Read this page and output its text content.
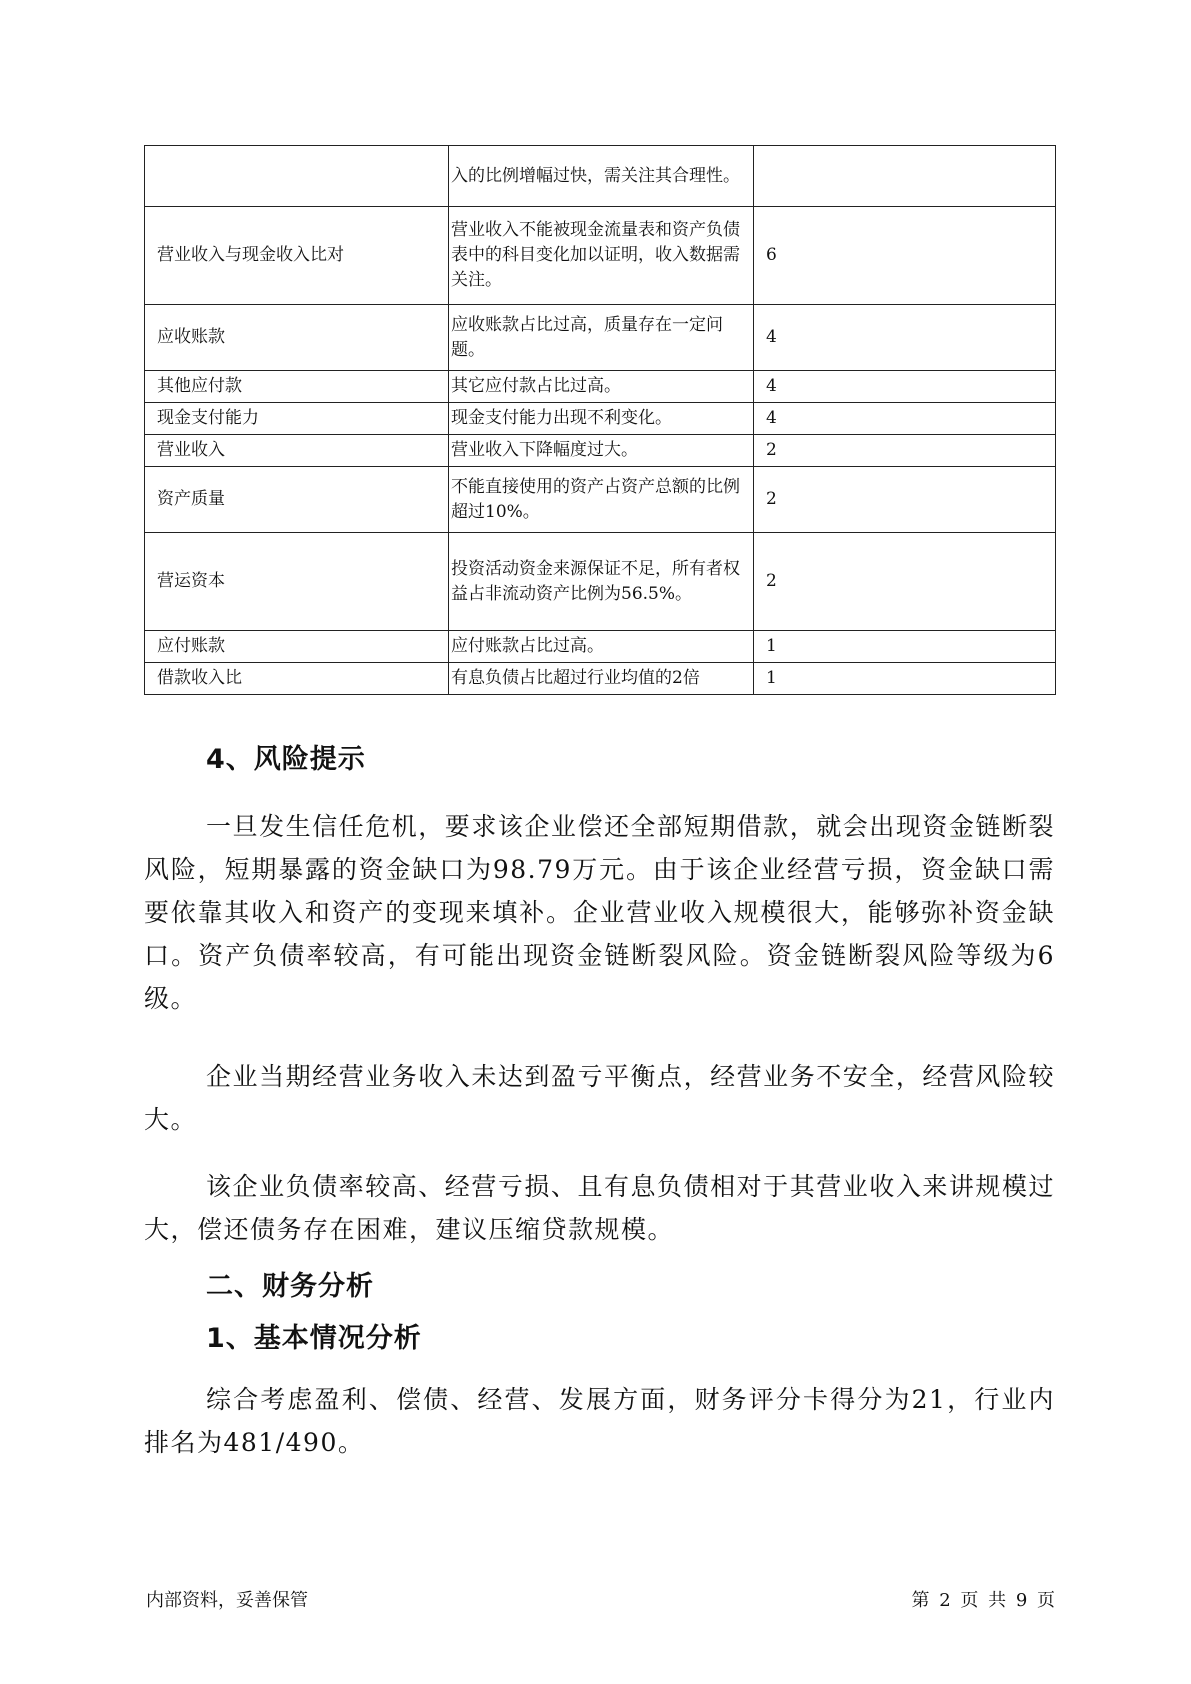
	入的比例增幅过快，需关注其合理性。	
营业收入与现金收入比对	营业收入不能被现金流量表和资产负债表中的科目变化加以证明，收入数据需关注。	6
应收账款	应收账款占比过高，质量存在一定问题。	4
其他应付款	其它应付款占比过高。	4
现金支付能力	现金支付能力出现不利变化。	4
营业收入	营业收入下降幅度过大。	2
资产质量	不能直接使用的资产占资产总额的比例超过10%。	2
营运资本	投资活动资金来源保证不足，所有者权益占非流动资产比例为56.5%。	2
应付账款	应付账款占比过高。	1
借款收入比	有息负债占比超过行业均值的2倍	1
4、风险提示

一旦发生信任危机，要求该企业偿还全部短期借款，就会出现资金链断裂风险，短期暴露的资金缺口为98.79万元。由于该企业经营亏损，资金缺口需要依靠其收入和资产的变现来填补。企业营业收入规模很大，能够弥补资金缺口。资产负债率较高，有可能出现资金链断裂风险。资金链断裂风险等级为6级。

企业当期经营业务收入未达到盈亏平衡点，经营业务不安全，经营风险较大。

该企业负债率较高、经营亏损、且有息负债相对于其营业收入来讲规模过大，偿还债务存在困难，建议压缩贷款规模。

二、财务分析
1、基本情况分析

综合考虑盈利、偿债、经营、发展方面，财务评分卡得分为21，行业内排名为481/490。

内部资料，妥善保管	第 2 页 共 9 页
